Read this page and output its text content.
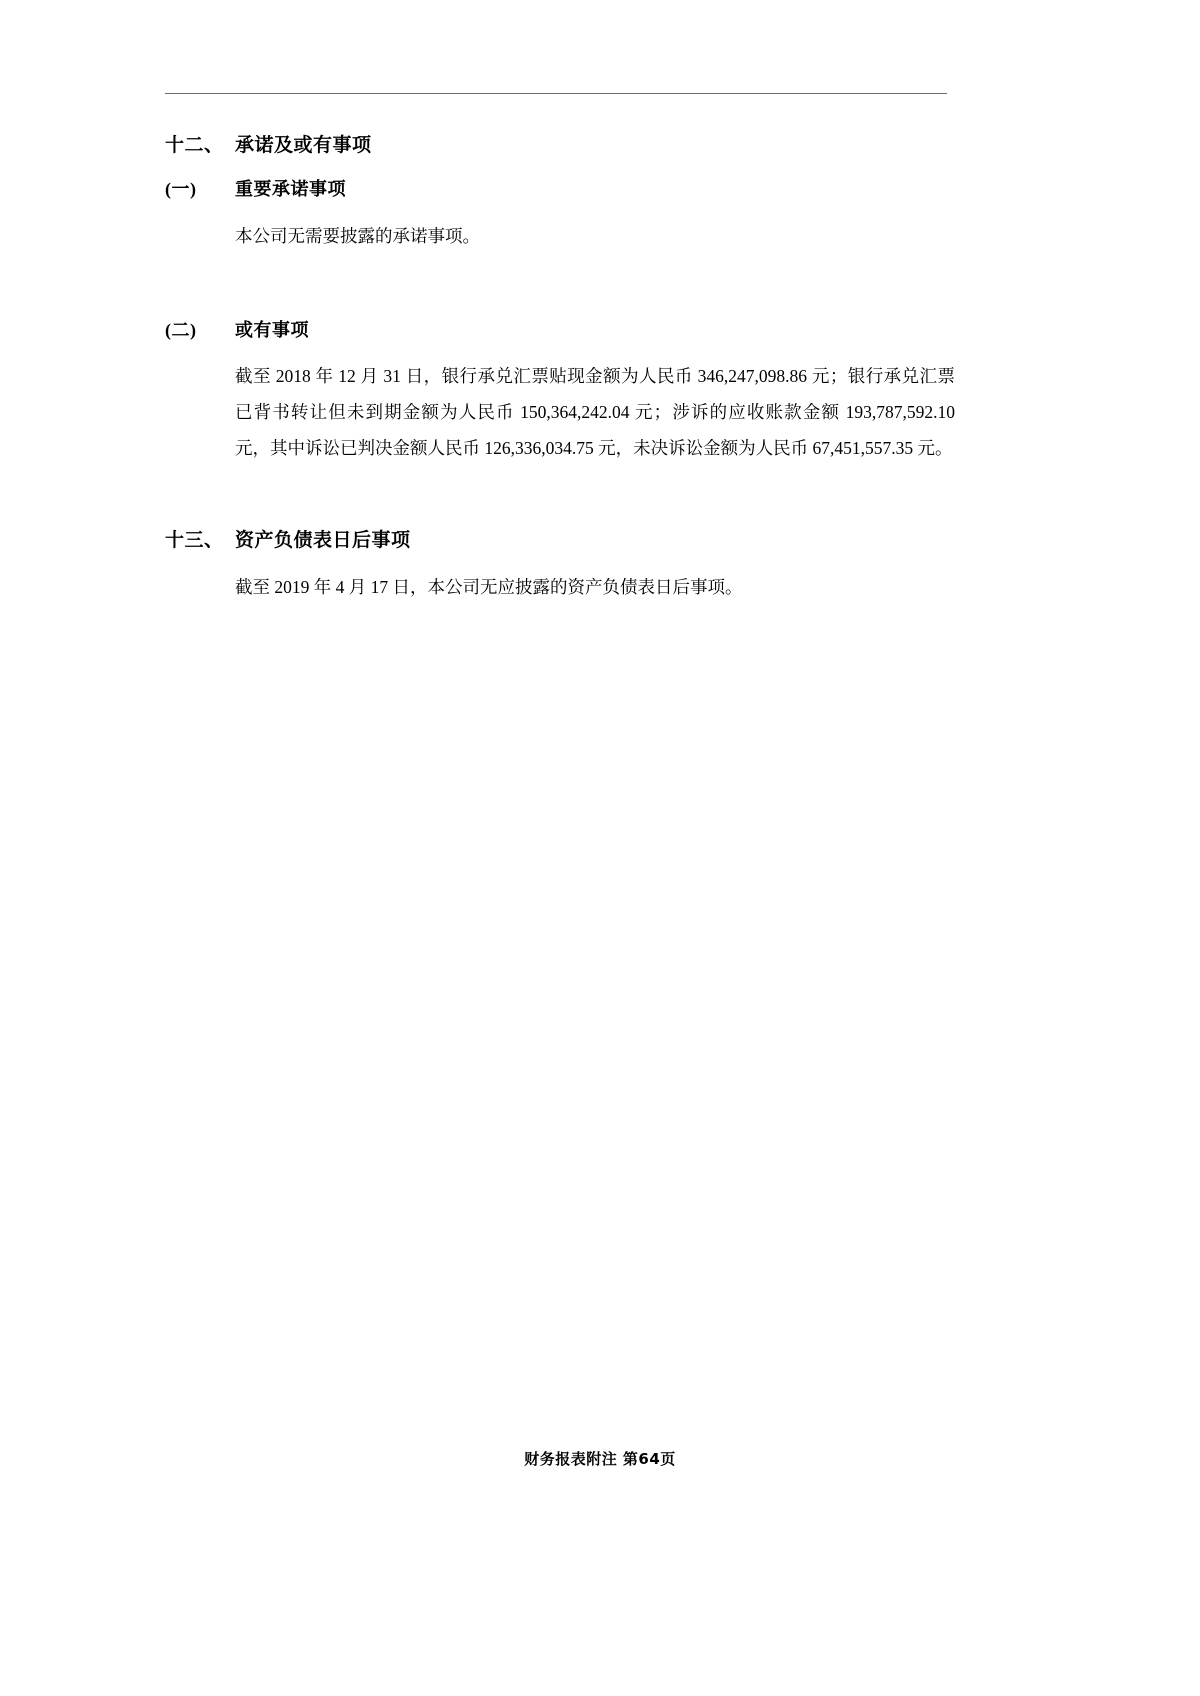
十二、 承诺及或有事项
(一)	重要承诺事项

本公司无需要披露的承诺事项。

(二)	或有事项

截至 2018 年 12 月 31 日，银行承兑汇票贴现金额为人民币 346,247,098.86 元；银行承兑汇票已背书转让但未到期金额为人民币 150,364,242.04 元；涉诉的应收账款金额 193,787,592.10 元，其中诉讼已判决金额人民币 126,336,034.75 元，未决诉讼金额为人民币 67,451,557.35 元。

十三、 资产负债表日后事项

截至 2019 年 4 月 17 日，本公司无应披露的资产负债表日后事项。

财务报表附注 第64页
